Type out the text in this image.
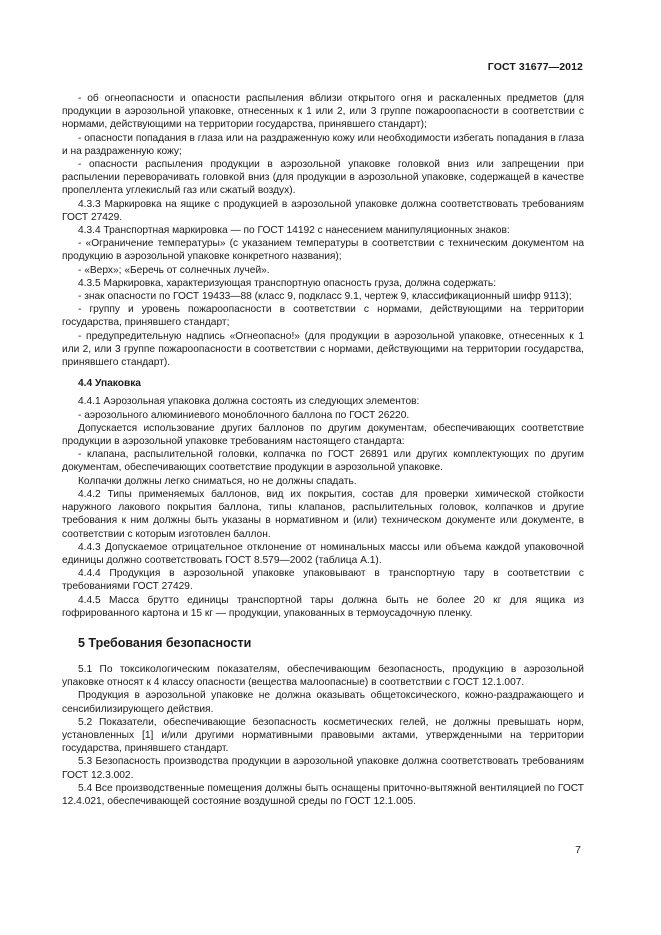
ГОСТ 31677—2012

- об огнеопасности и опасности распыления вблизи открытого огня и раскаленных предметов (для продукции в аэрозольной упаковке, отнесенных к 1 или 2, или 3 группе пожароопасности в соответствии с нормами, действующими на территории государства, принявшего стандарт);

- опасности попадания в глаза или на раздраженную кожу или необходимости избегать попадания в глаза и на раздраженную кожу;

- опасности распыления продукции в аэрозольной упаковке головкой вниз или запрещении при распылении переворачивать головкой вниз (для продукции в аэрозольной упаковке, содержащей в качестве пропеллента углекислый газ или сжатый воздух).

4.3.3 Маркировка на ящике с продукцией в аэрозольной упаковке должна соответствовать требованиям ГОСТ 27429.

4.3.4 Транспортная маркировка — по ГОСТ 14192 с нанесением манипуляционных знаков:

- «Ограничение температуры» (с указанием температуры в соответствии с техническим документом на продукцию в аэрозольной упаковке конкретного названия);

- «Верх»; «Беречь от солнечных лучей».

4.3.5 Маркировка, характеризующая транспортную опасность груза, должна содержать:

- знак опасности по ГОСТ 19433—88 (класс 9, подкласс 9.1, чертеж 9, классификационный шифр 9113);

- группу и уровень пожароопасности в соответствии с нормами, действующими на территории государства, принявшего стандарт;

- предупредительную надпись «Огнеопасно!» (для продукции в аэрозольной упаковке, отнесенных к 1 или 2, или 3 группе пожароопасности в соответствии с нормами, действующими на территории государства, принявшего стандарт).

4.4 Упаковка

4.4.1 Аэрозольная упаковка должна состоять из следующих элементов:

- аэрозольного алюминиевого моноблочного баллона по ГОСТ 26220.

Допускается использование других баллонов по другим документам, обеспечивающих соответствие продукции в аэрозольной упаковке требованиям настоящего стандарта:

- клапана, распылительной головки, колпачка по ГОСТ 26891 или других комплектующих по другим документам, обеспечивающих соответствие продукции в аэрозольной упаковке.

Колпачки должны легко сниматься, но не должны спадать.

4.4.2 Типы применяемых баллонов, вид их покрытия, состав для проверки химической стойкости наружного лакового покрытия баллона, типы клапанов, распылительных головок, колпачков и другие требования к ним должны быть указаны в нормативном и (или) техническом документе или документе, в соответствии с которым изготовлен баллон.

4.4.3 Допускаемое отрицательное отклонение от номинальных массы или объема каждой упаковочной единицы должно соответствовать ГОСТ 8.579—2002 (таблица А.1).

4.4.4 Продукция в аэрозольной упаковке упаковывают в транспортную тару в соответствии с требованиями ГОСТ 27429.

4.4.5 Масса брутто единицы транспортной тары должна быть не более 20 кг для ящика из гофрированного картона и 15 кг — продукции, упакованных в термоусадочную пленку.

5 Требования безопасности

5.1 По токсикологическим показателям, обеспечивающим безопасность, продукцию в аэрозольной упаковке относят к 4 классу опасности (вещества малоопасные) в соответствии с ГОСТ 12.1.007.

Продукция в аэрозольной упаковке не должна оказывать общетоксического, кожно-раздражающего и сенсибилизирующего действия.

5.2 Показатели, обеспечивающие безопасность косметических гелей, не должны превышать норм, установленных [1] и/или другими нормативными правовыми актами, утвержденными на территории государства, принявшего стандарт.

5.3 Безопасность производства продукции в аэрозольной упаковке должна соответствовать требованиям ГОСТ 12.3.002.

5.4 Все производственные помещения должны быть оснащены приточно-вытяжной вентиляцией по ГОСТ 12.4.021, обеспечивающей состояние воздушной среды по ГОСТ 12.1.005.

7
